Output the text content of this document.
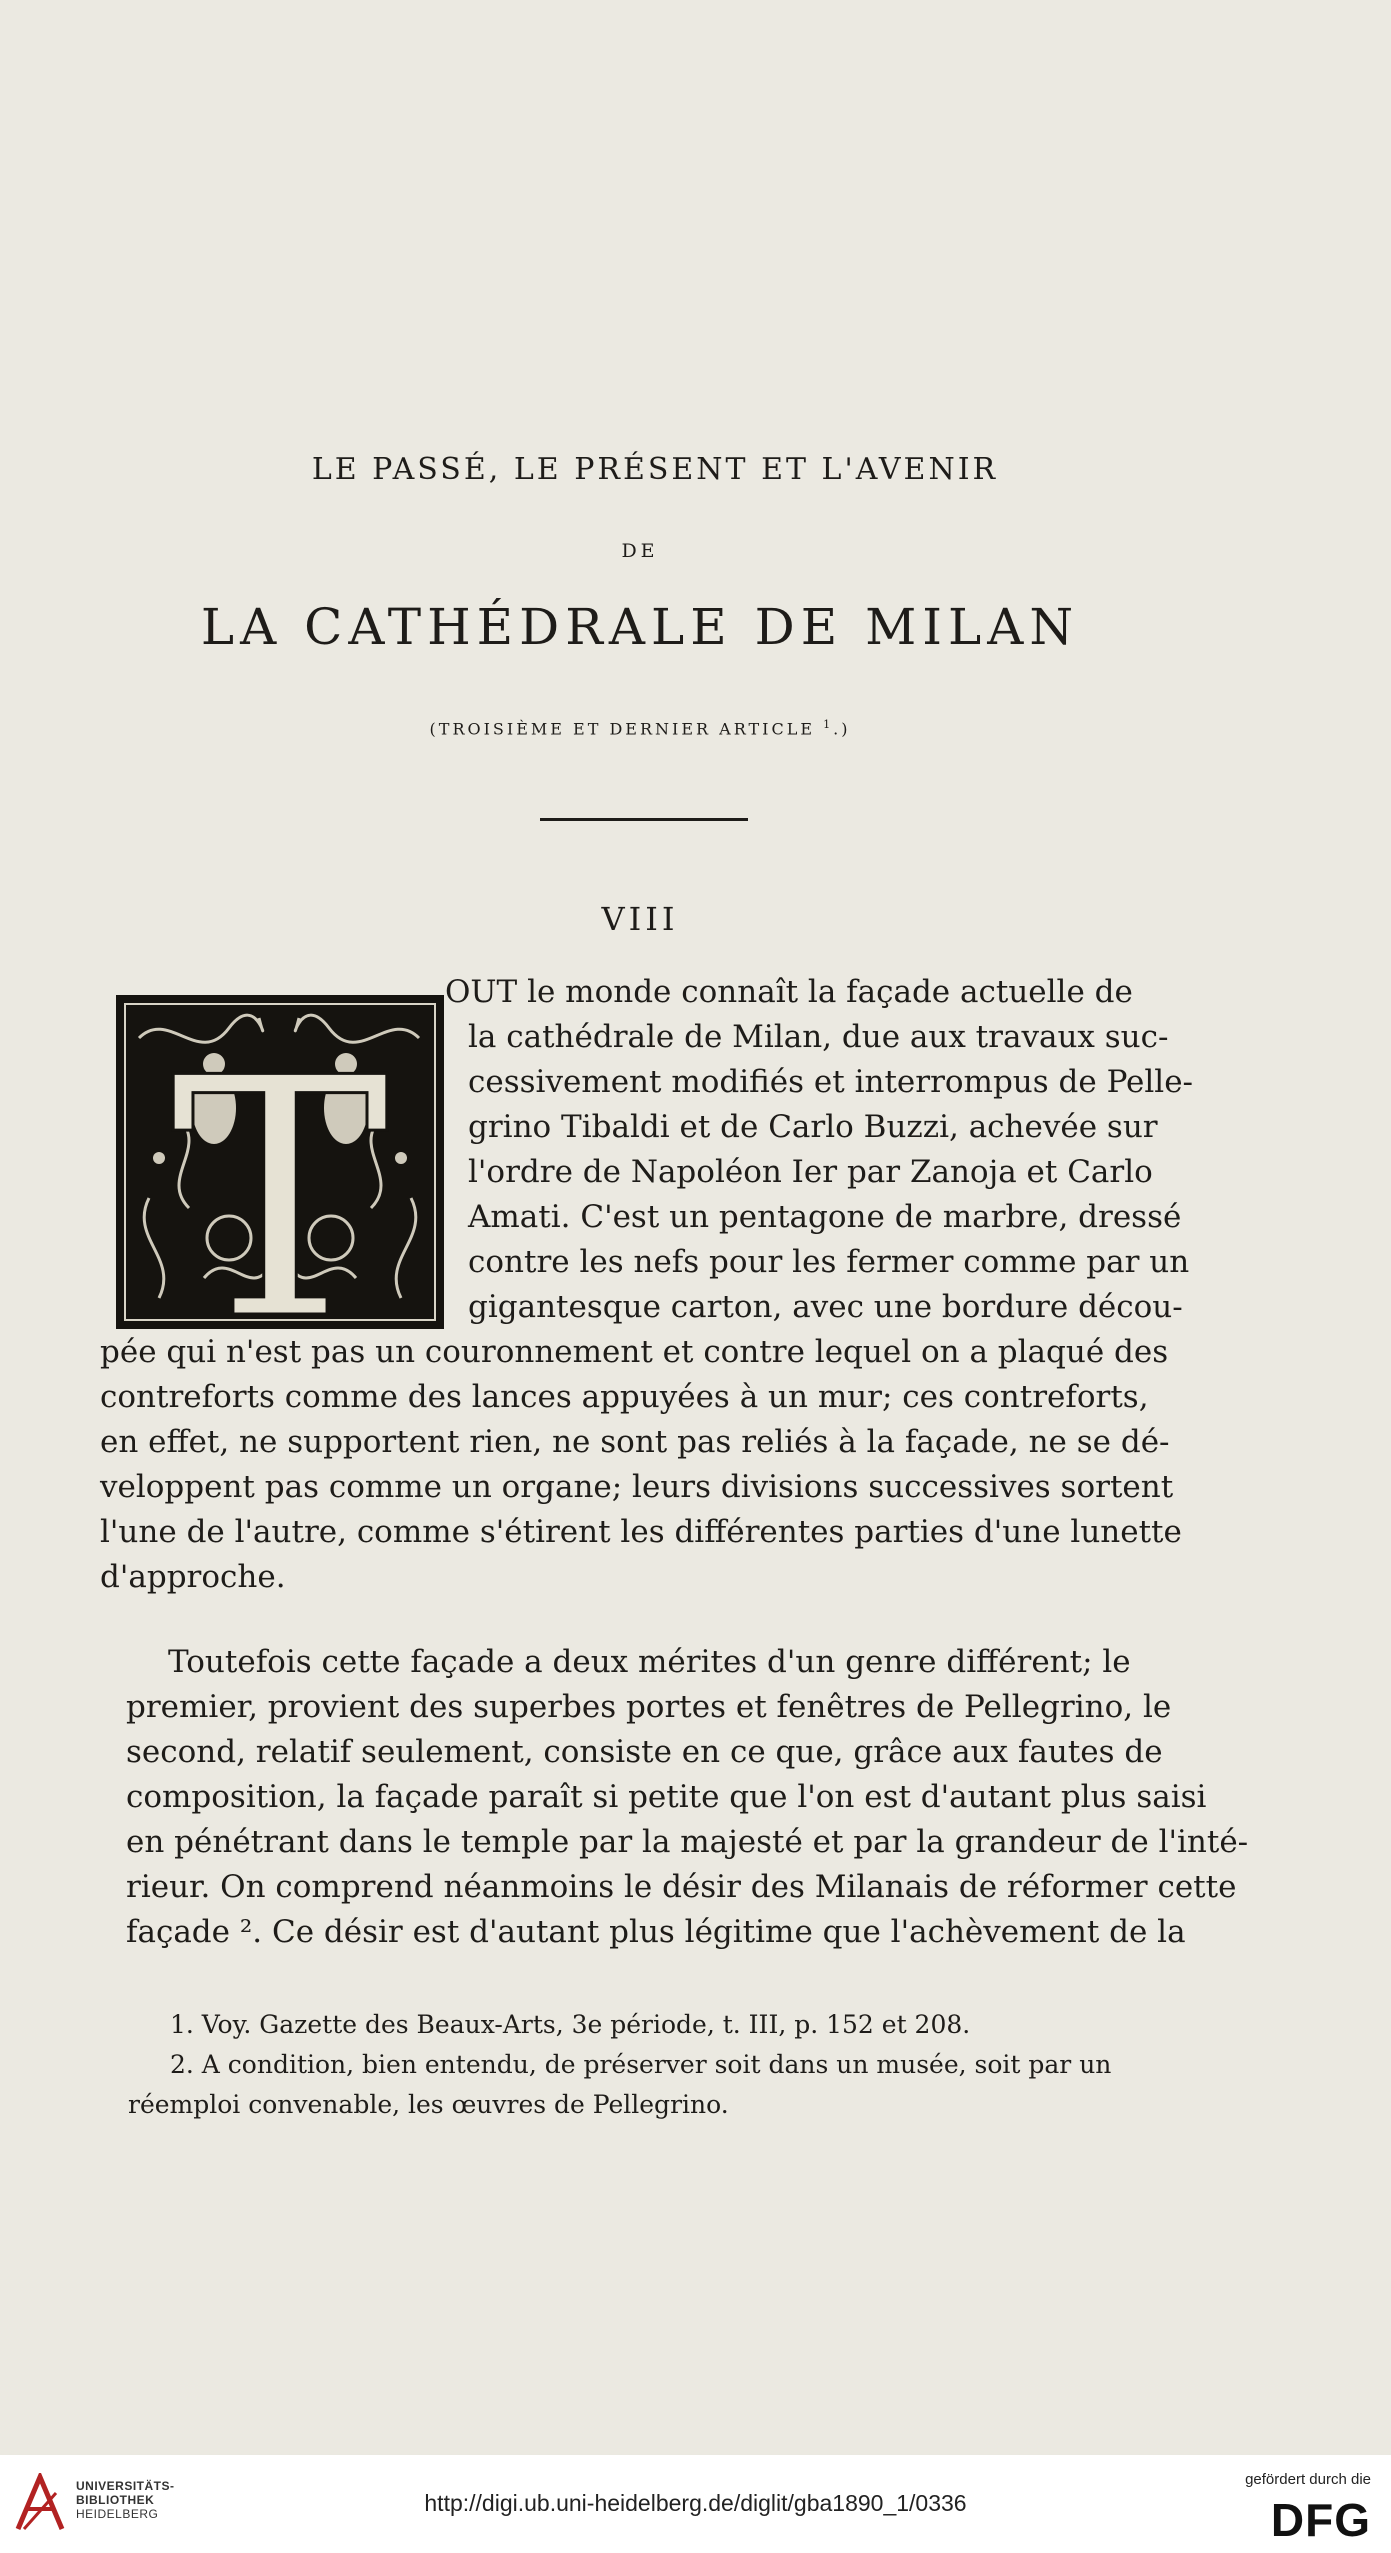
LE PASSÉ, LE PRÉSENT ET L'AVENIR
DE
LA CATHÉDRALE DE MILAN
(TROISIÈME ET DERNIER ARTICLE $^1$.)
VIII
T
OUT le monde connaît la façade actuelle de
la cathédrale de Milan, due aux travaux suc-
cessivement modifiés et interrompus de Pelle-
grino Tibaldi et de Carlo Buzzi, achevée sur
l'ordre de Napoléon Ier par Zanoja et Carlo
Amati. C'est un pentagone de marbre, dressé
contre les nefs pour les fermer comme par un
gigantesque carton, avec une bordure décou-
pée qui n'est pas un couronnement et contre lequel on a plaqué des
contreforts comme des lances appuyées à un mur; ces contreforts,
en effet, ne supportent rien, ne sont pas reliés à la façade, ne se dé-
veloppent pas comme un organe; leurs divisions successives sortent
l'une de l'autre, comme s'étirent les différentes parties d'une lunette
d'approche.
Toutefois cette façade a deux mérites d'un genre différent; le
premier, provient des superbes portes et fenêtres de Pellegrino, le
second, relatif seulement, consiste en ce que, grâce aux fautes de
composition, la façade paraît si petite que l'on est d'autant plus saisi
en pénétrant dans le temple par la majesté et par la grandeur de l'inté-
rieur. On comprend néanmoins le désir des Milanais de réformer cette
façade ². Ce désir est d'autant plus légitime que l'achèvement de la
1. Voy. Gazette des Beaux-Arts, 3e période, t. III, p. 152 et 208.
2. A condition, bien entendu, de préserver soit dans un musée, soit par un
réemploi convenable, les œuvres de Pellegrino.
UNIVERSITÄTS-
BIBLIOTHEK
HEIDELBERG	http://digi.ub.uni-heidelberg.de/diglit/gba1890_1/0336
gefördert durch die
DFG
